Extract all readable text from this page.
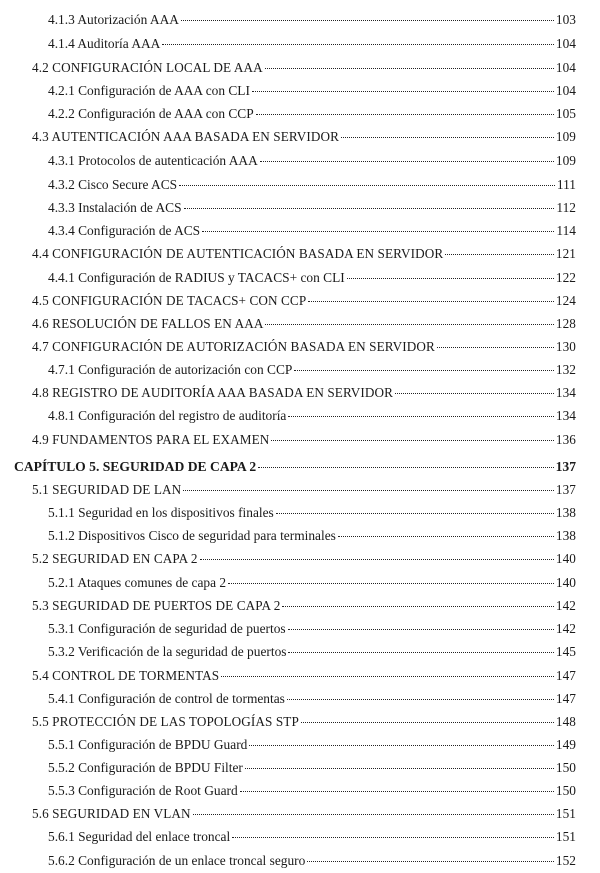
4.1.3 Autorización AAA	103
4.1.4 Auditoría AAA	104
4.2 CONFIGURACIÓN LOCAL DE AAA	104
4.2.1 Configuración de AAA con CLI	104
4.2.2 Configuración de AAA con CCP	105
4.3 AUTENTICACIÓN AAA BASADA EN SERVIDOR	109
4.3.1 Protocolos de autenticación AAA	109
4.3.2 Cisco Secure ACS	111
4.3.3 Instalación de ACS	112
4.3.4 Configuración de ACS	114
4.4 CONFIGURACIÓN DE AUTENTICACIÓN BASADA EN SERVIDOR	121
4.4.1 Configuración de RADIUS y TACACS+ con CLI	122
4.5 CONFIGURACIÓN DE TACACS+ CON CCP	124
4.6 RESOLUCIÓN DE FALLOS EN AAA	128
4.7 CONFIGURACIÓN DE AUTORIZACIÓN BASADA EN SERVIDOR	130
4.7.1 Configuración de autorización con CCP	132
4.8 REGISTRO DE AUDITORÍA AAA BASADA EN SERVIDOR	134
4.8.1 Configuración del registro de auditoría	134
4.9 FUNDAMENTOS PARA EL EXAMEN	136
CAPÍTULO 5. SEGURIDAD DE CAPA 2	137
5.1 SEGURIDAD DE LAN	137
5.1.1 Seguridad en los dispositivos finales	138
5.1.2 Dispositivos Cisco de seguridad para terminales	138
5.2 SEGURIDAD EN CAPA 2	140
5.2.1 Ataques comunes de capa 2	140
5.3 SEGURIDAD DE PUERTOS DE CAPA 2	142
5.3.1 Configuración de seguridad de puertos	142
5.3.2 Verificación de la seguridad de puertos	145
5.4 CONTROL DE TORMENTAS	147
5.4.1 Configuración de control de tormentas	147
5.5 PROTECCIÓN DE LAS TOPOLOGÍAS STP	148
5.5.1 Configuración de BPDU Guard	149
5.5.2 Configuración de BPDU Filter	150
5.5.3 Configuración de Root Guard	150
5.6 SEGURIDAD EN VLAN	151
5.6.1 Seguridad del enlace troncal	151
5.6.2 Configuración de un enlace troncal seguro	152
